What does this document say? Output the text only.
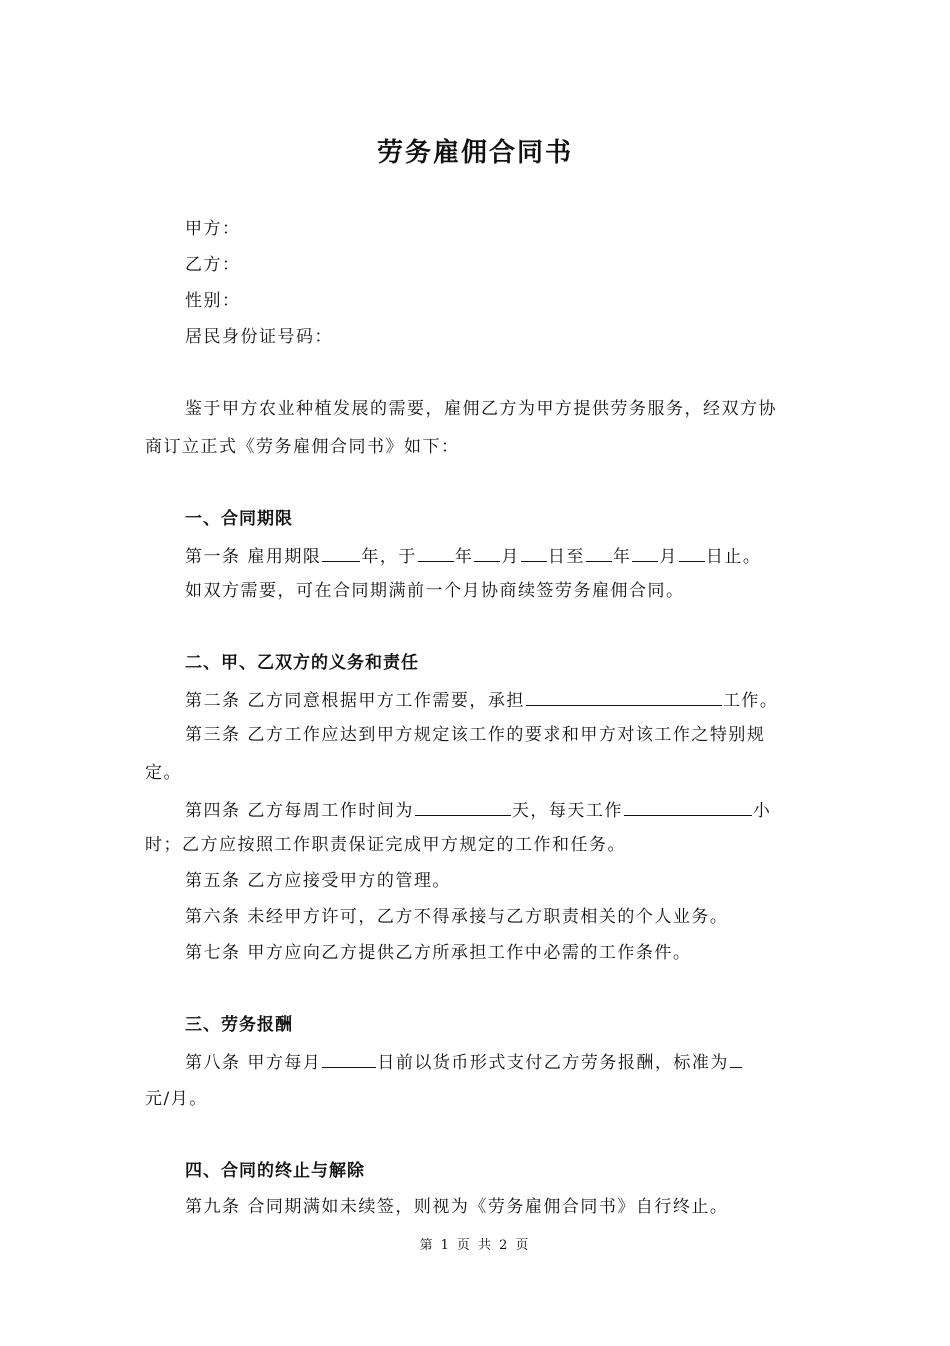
劳务雇佣合同书
甲方：
乙方：
性别：
居民身份证号码：
鉴于甲方农业种植发展的需要，雇佣乙方为甲方提供劳务服务，经双方协
商订立正式《劳务雇佣合同书》如下：
一、合同期限
第一条 雇用期限 年，于 年 月 日至 年 月 日止。
如双方需要，可在合同期满前一个月协商续签劳务雇佣合同。
二、甲、乙双方的义务和责任
第二条 乙方同意根据甲方工作需要，承担	工作。
第三条 乙方工作应达到甲方规定该工作的要求和甲方对该工作之特别规
定。
第四条 乙方每周工作时间为	天，每天工作	小
时；乙方应按照工作职责保证完成甲方规定的工作和任务。
第五条 乙方应接受甲方的管理。
第六条 未经甲方许可，乙方不得承接与乙方职责相关的个人业务。
第七条 甲方应向乙方提供乙方所承担工作中必需的工作条件。
三、劳务报酬
第八条 甲方每月	日前以货币形式支付乙方劳务报酬，标准为
元/月。
四、合同的终止与解除
第九条 合同期满如未续签，则视为《劳务雇佣合同书》自行终止。
第 1 页 共 2 页
